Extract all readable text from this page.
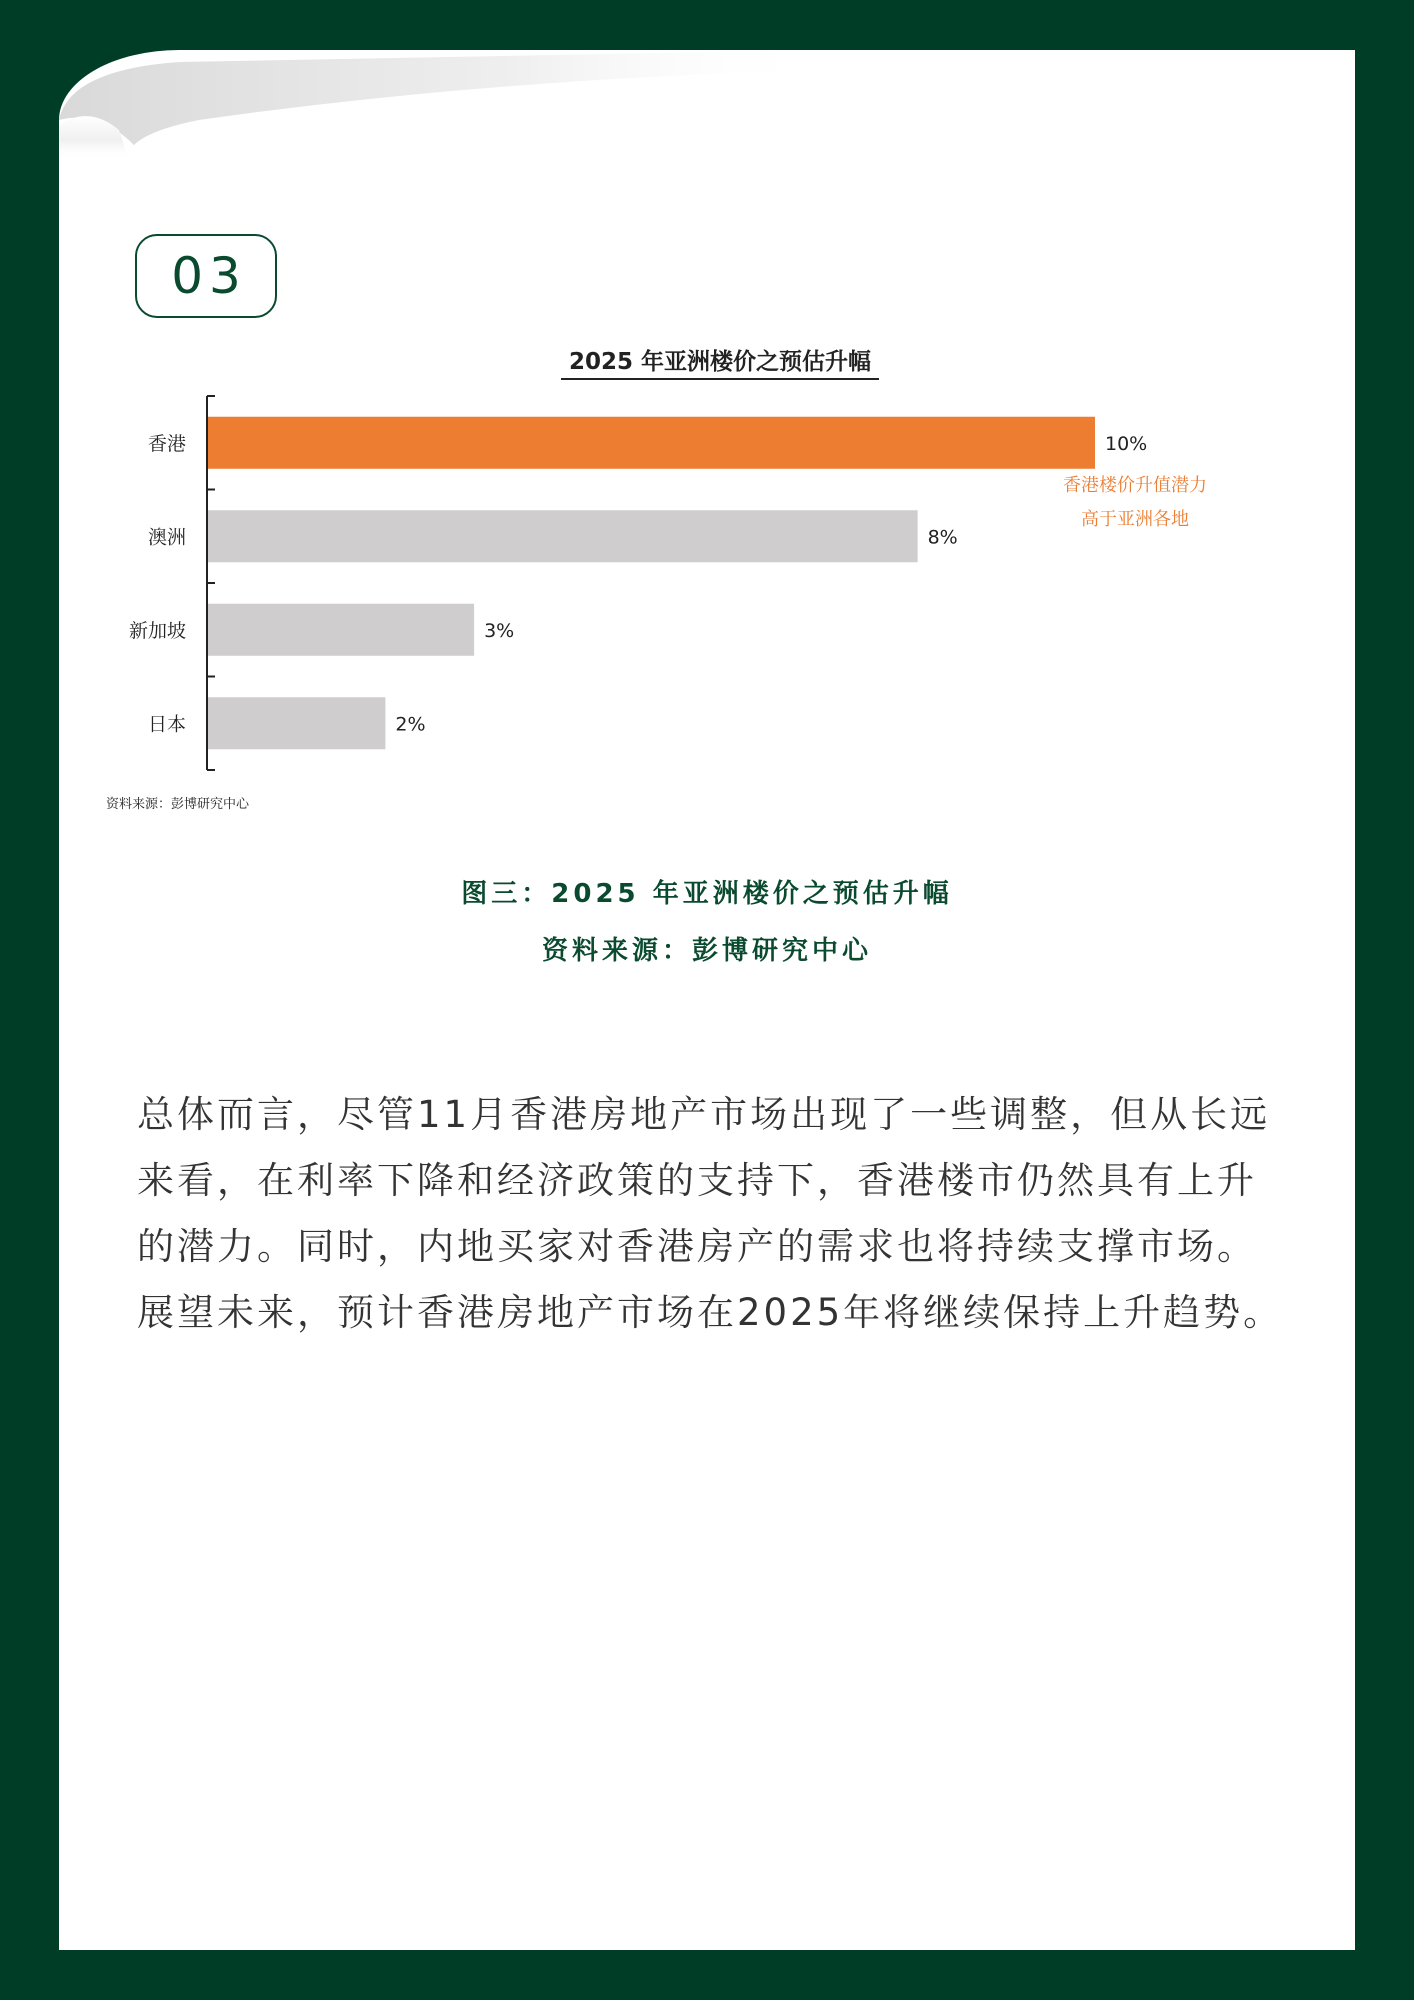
03
2025 年亚洲楼价之预估升幅
香港	10%
澳洲	8%
新加坡	3%
日本	2%
香港楼价升值潜力
高于亚洲各地
资料来源：彭博研究中心
图三：2025 年亚洲楼价之预估升幅
资料来源：彭博研究中心
总体而言，尽管11月香港房地产市场出现了一些调整，但从长远
来看，在利率下降和经济政策的支持下，香港楼市仍然具有上升
的潜力。同时，内地买家对香港房产的需求也将持续支撑市场。
展望未来，预计香港房地产市场在2025年将继续保持上升趋势。
